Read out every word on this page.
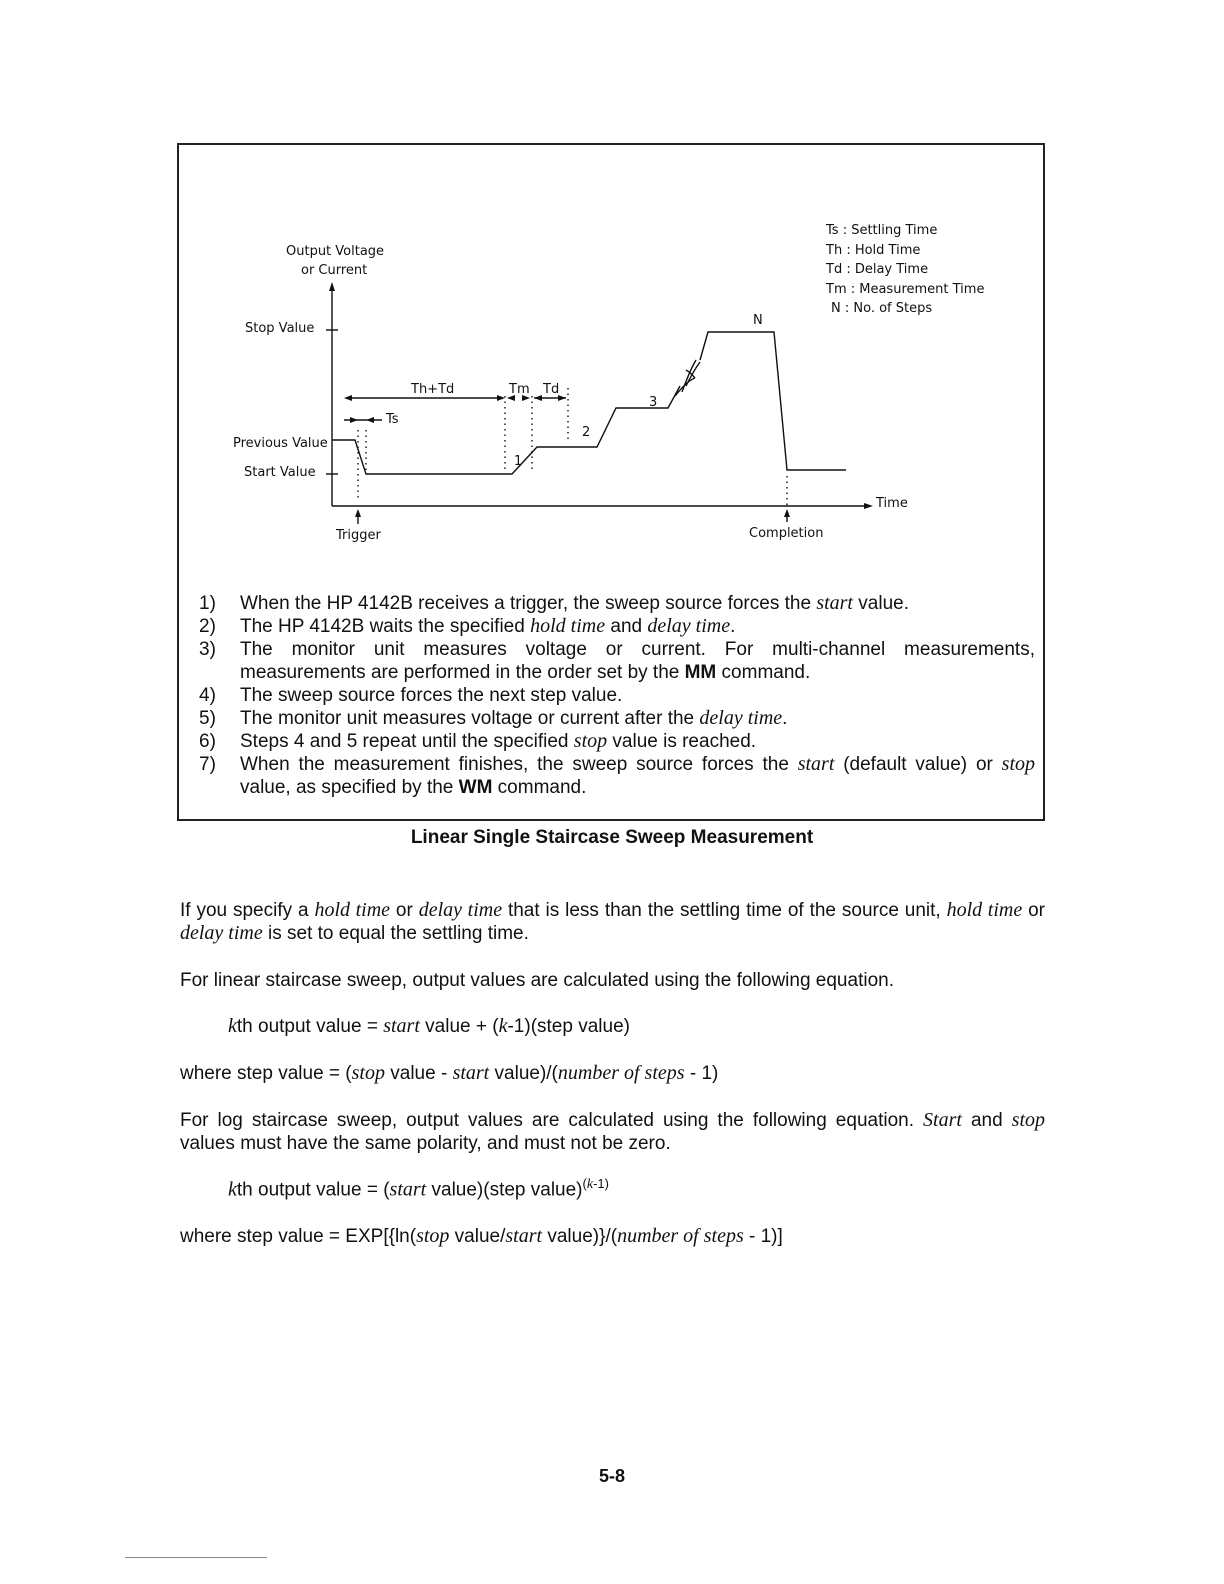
Output Voltage
or Current
Stop Value
Previous Value
Start Value
Th+Td	Tm Td
Ts
1
2
3
N
Time
Trigger	Completion
Ts : Settling Time
Th : Hold Time
Td : Delay Time
Tm : Measurement Time
N : No. of Steps
1)	When the HP 4142B receives a trigger, the sweep source forces the start value.
2)	The HP 4142B waits the specified hold time and delay time.
3)	The monitor unit measures voltage or current. For multi-channel measurements, measurements are performed in the order set by the MM command.
4)	The sweep source forces the next step value.
5)	The monitor unit measures voltage or current after the delay time.
6)	Steps 4 and 5 repeat until the specified stop value is reached.
7)	When the measurement finishes, the sweep source forces the start (default value) or stop value, as specified by the WM command.
Linear Single Staircase Sweep Measurement
If you specify a hold time or delay time that is less than the settling time of the source unit, hold time or delay time is set to equal the settling time.
For linear staircase sweep, output values are calculated using the following equation.
kth output value = start value + (k-1)(step value)
where step value = (stop value - start value)/(number of steps - 1)
For log staircase sweep, output values are calculated using the following equation. Start and stop values must have the same polarity, and must not be zero.
kth output value = (start value)(step value)$^{(k-1)}$
where step value = EXP[{ln(stop value/start value)}/(number of steps - 1)]
5-8
